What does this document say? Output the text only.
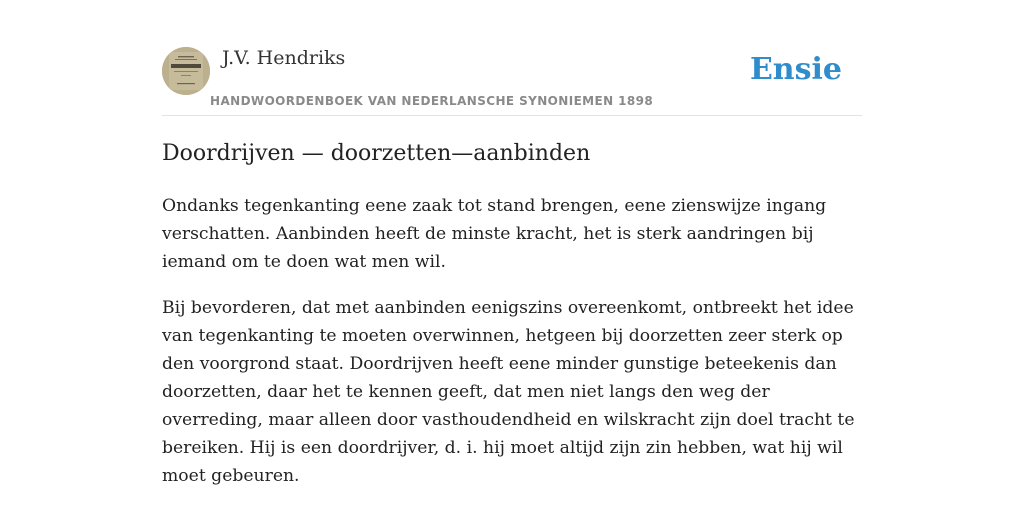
J.V. Hendriks
HANDWOORDENBOEK VAN NEDERLANSCHE SYNONIEMEN 1898
Ensie
Doordrijven — doorzetten—aanbinden

Ondanks tegenkanting eene zaak tot stand brengen, eene zienswijze ingang verschatten. Aanbinden heeft de minste kracht, het is sterk aandringen bij iemand om te doen wat men wil.

Bij bevorderen, dat met aanbinden eenigszins overeenkomt, ontbreekt het idee van tegenkanting te moeten overwinnen, hetgeen bij doorzetten zeer sterk op den voorgrond staat. Doordrijven heeft eene minder gunstige beteekenis dan doorzetten, daar het te kennen geeft, dat men niet langs den weg der overreding, maar alleen door vasthoudendheid en wilskracht zijn doel tracht te bereiken. Hij is een doordrijver, d. i. hij moet altijd zijn zin hebben, wat hij wil moet gebeuren.
